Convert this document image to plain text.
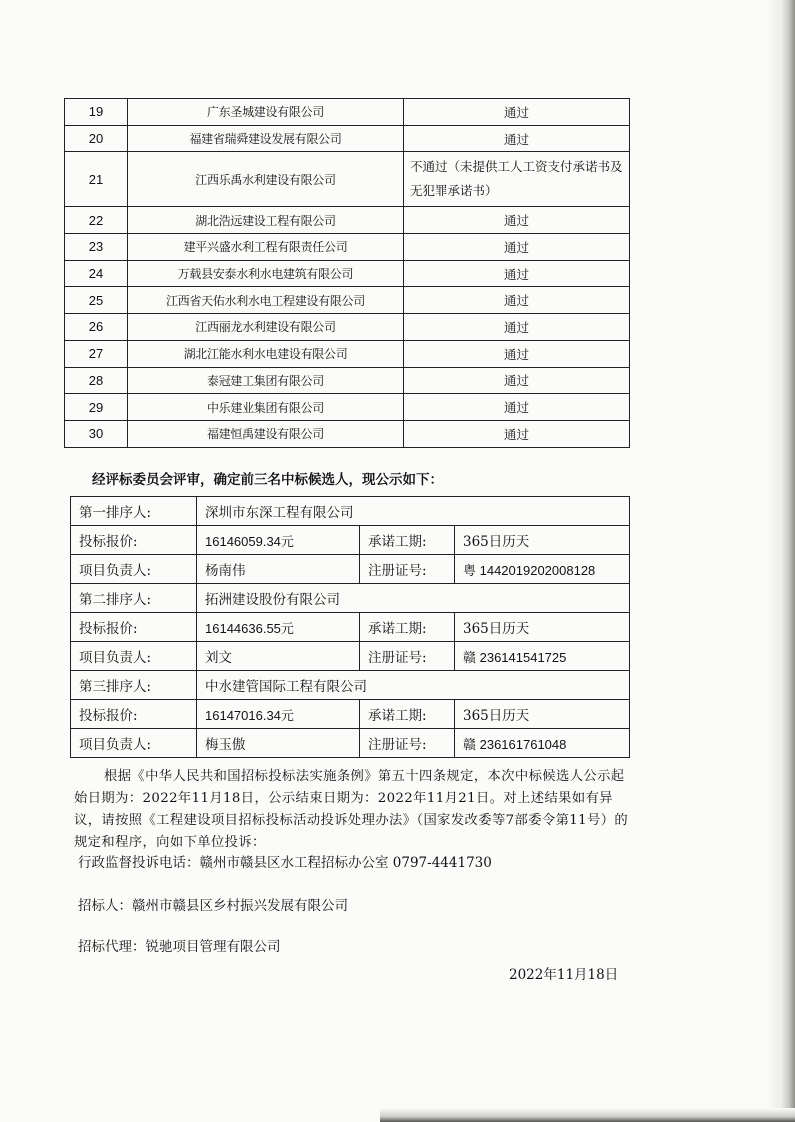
19	广东圣城建设有限公司	通过
20	福建省瑞舜建设发展有限公司	通过
21	江西乐禹水利建设有限公司	不通过（未提供工人工资支付承诺书及无犯罪承诺书）
22	湖北浩远建设工程有限公司	通过
23	建平兴盛水利工程有限责任公司	通过
24	万载县安泰水利水电建筑有限公司	通过
25	江西省天佑水利水电工程建设有限公司	通过
26	江西丽龙水利建设有限公司	通过
27	湖北江能水利水电建设有限公司	通过
28	泰冠建工集团有限公司	通过
29	中乐建业集团有限公司	通过
30	福建恒禹建设有限公司	通过
经评标委员会评审，确定前三名中标候选人，现公示如下：
第一排序人:	深圳市东深工程有限公司		
投标报价:	16146059.34元	承诺工期:	365日历天
项目负责人:	杨南伟	注册证号:	粤 1442019202008128
第二排序人:	拓洲建设股份有限公司		
投标报价:	16144636.55元	承诺工期:	365日历天
项目负责人:	刘文	注册证号:	赣 236141541725
第三排序人:	中水建管国际工程有限公司		
投标报价:	16147016.34元	承诺工期:	365日历天
项目负责人:	梅玉傲	注册证号:	赣 236161761048
根据《中华人民共和国招标投标法实施条例》第五十四条规定，本次中标候选人公示起始日期为：2022年11月18日，公示结束日期为：2022年11月21日。对上述结果如有异议，请按照《工程建设项目招标投标活动投诉处理办法》（国家发改委等7部委令第11号）的规定和程序，向如下单位投诉：
行政监督投诉电话：赣州市赣县区水工程招标办公室 0797-4441730
招标人：赣州市赣县区乡村振兴发展有限公司
招标代理：锐驰项目管理有限公司
2022年11月18日
